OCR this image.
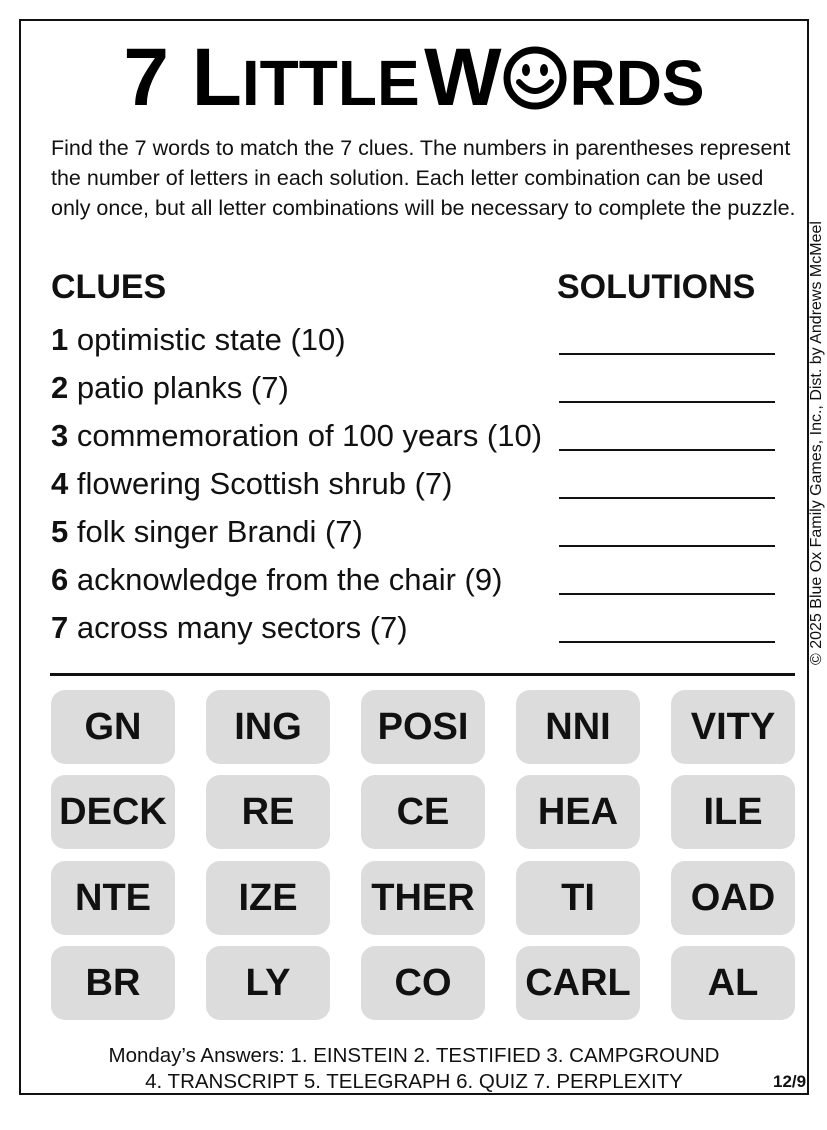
7 LITTLE W RDS
Find the 7 words to match the 7 clues. The numbers in parentheses represent the number of letters in each solution. Each letter combination can be used only once, but all letter combinations will be necessary to complete the puzzle.
© 2025 Blue Ox Family Games, Inc., Dist. by Andrews McMeel
CLUES	SOLUTIONS
1 optimistic state (10)
2 patio planks (7)
3 commemoration of 100 years (10)
4 flowering Scottish shrub (7)
5 folk singer Brandi (7)
6 acknowledge from the chair (9)
7 across many sectors (7)
GN	ING	POSI	NNI	VITY
DECK	RE	CE	HEA	ILE
NTE	IZE	THER	TI	OAD
BR	LY	CO	CARL	AL
Monday’s Answers: 1. EINSTEIN 2. TESTIFIED 3. CAMPGROUND
4. TRANSCRIPT 5. TELEGRAPH 6. QUIZ 7. PERPLEXITY	12/9
